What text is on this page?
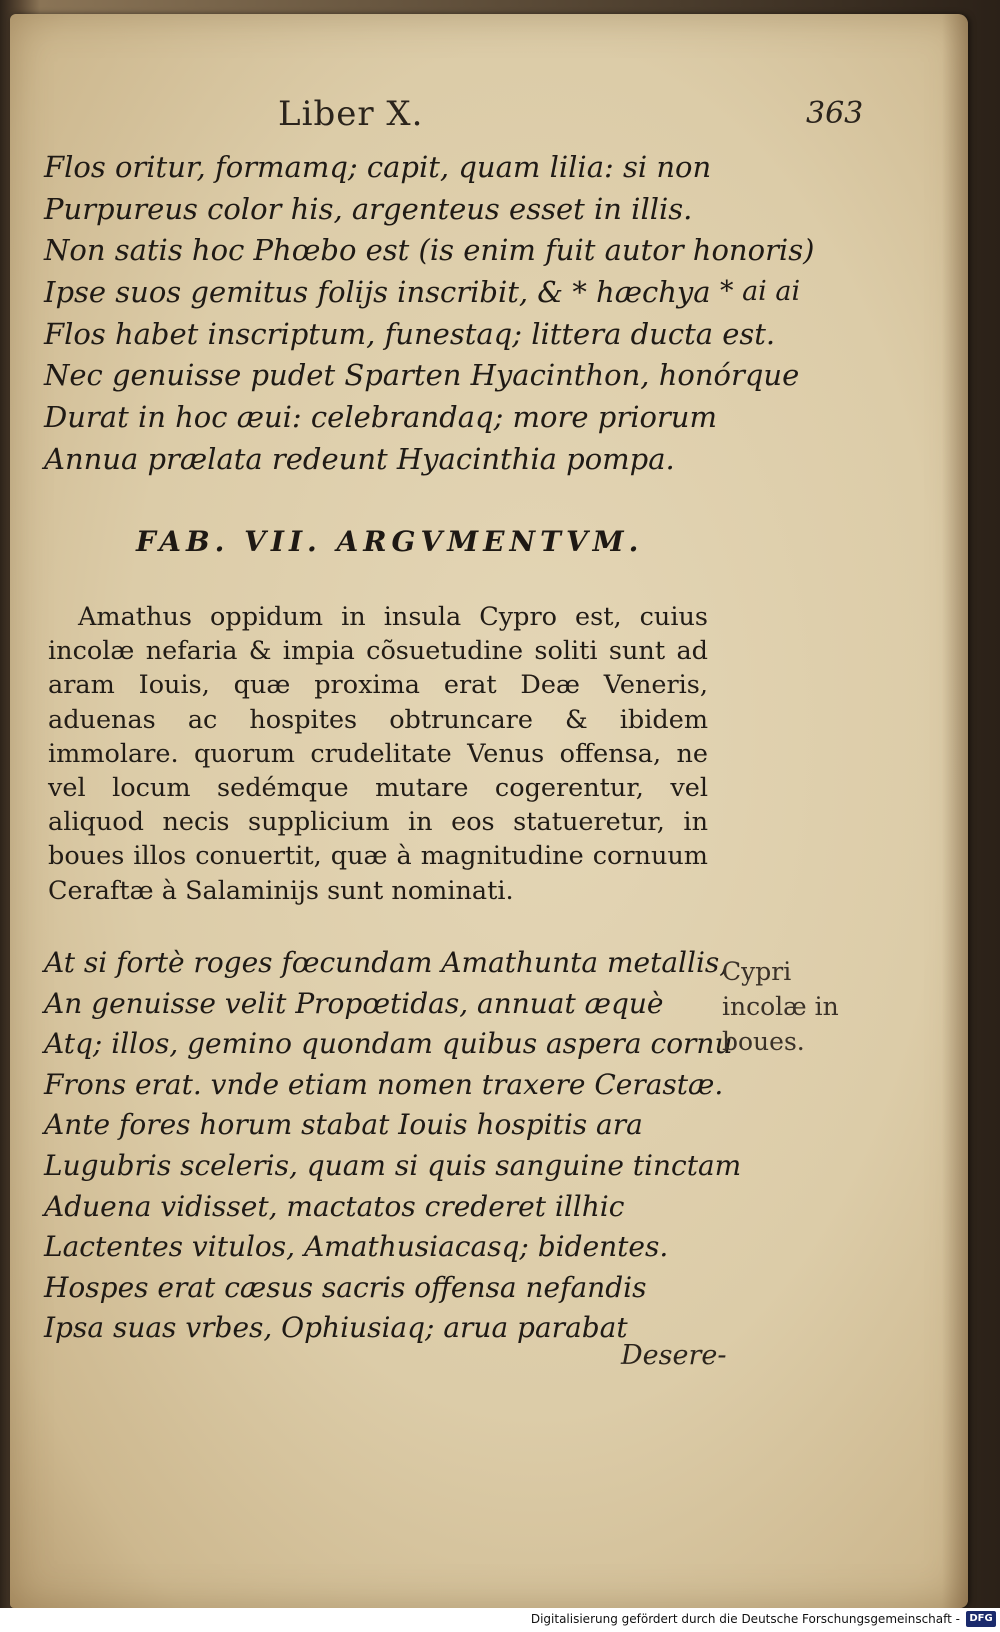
Liber X.	363
Flos oritur, formamq; capit, quam lilia: si non
Purpureus color his, argenteus esset in illis.
Non satis hoc Phœbo est (is enim fuit autor honoris)
Ipse suos gemitus folijs inscribit, & * hæchya
Flos habet inscriptum, funestaq; littera ducta est.
Nec genuisse pudet Sparten Hyacinthon, honórque
Durat in hoc æui: celebrandaq; more priorum
Annua prælata redeunt Hyacinthia pompa.
* ai ai
FAB. VII. ARGVMENTVM.
Amathus oppidum in insula Cypro est, cuius incolæ nefaria & impia cõsuetudine soliti sunt ad aram Iouis, quæ proxima erat Deæ Veneris, aduenas ac hospites obtruncare & ibidem immolare. quorum crudelitate Venus offensa, ne vel locum sedémque mutare cogerentur, vel aliquod necis supplicium in eos statueretur, in boues illos conuertit, quæ à magnitudine cornuum Ceraftæ à Salaminijs sunt nominati.
At si fortè roges fœcundam Amathunta metallis,
An genuisse velit Propœtidas, annuat æquè
Atq; illos, gemino quondam quibus aspera cornu
Frons erat. vnde etiam nomen traxere Cerastæ.
Ante fores horum stabat Iouis hospitis ara
Lugubris sceleris, quam si quis sanguine tinctam
Aduena vidisset, mactatos crederet illhic
Lactentes vitulos, Amathusiacasq; bidentes.
Hospes erat cæsus sacris offensa nefandis
Ipsa suas vrbes, Ophiusiaq; arua parabat
Cypri incolæ in boues.
Desere-
Digitalisierung gefördert durch die Deutsche Forschungsgemeinschaft - DFG
